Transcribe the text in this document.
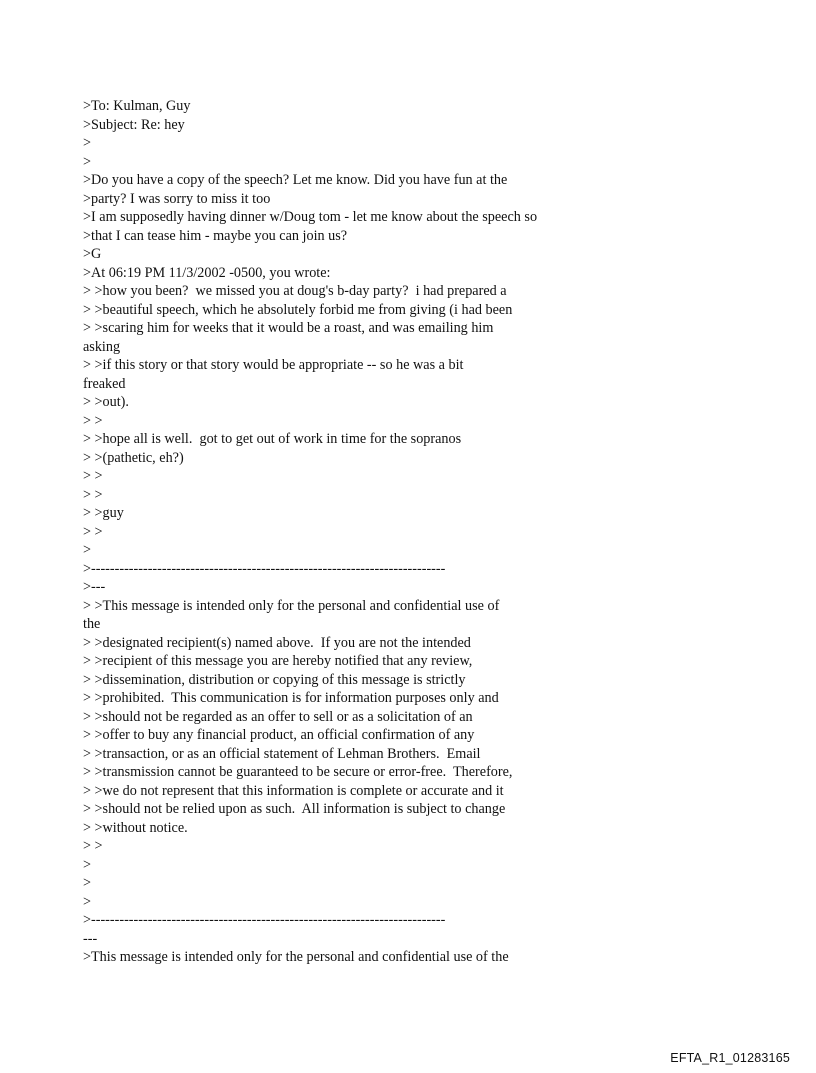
>To: Kulman, Guy
>Subject: Re: hey
>
>
>Do you have a copy of the speech? Let me know. Did you have fun at the
>party? I was sorry to miss it too
>I am supposedly having dinner w/Doug tom - let me know about the speech so
>that I can tease him - maybe you can join us?
>G
>At 06:19 PM 11/3/2002 -0500, you wrote:
> >how you been?  we missed you at doug's b-day party?  i had prepared a
> >beautiful speech, which he absolutely forbid me from giving (i had been
> >scaring him for weeks that it would be a roast, and was emailing him
asking
> >if this story or that story would be appropriate -- so he was a bit
freaked
> >out).
> >
> >hope all is well.  got to get out of work in time for the sopranos
> >(pathetic, eh?)
> >
> >
> >guy
> >
>
>---------------------------------------------------------------------------
>---
> >This message is intended only for the personal and confidential use of
the
> >designated recipient(s) named above.  If you are not the intended
> >recipient of this message you are hereby notified that any review,
> >dissemination, distribution or copying of this message is strictly
> >prohibited.  This communication is for information purposes only and
> >should not be regarded as an offer to sell or as a solicitation of an
> >offer to buy any financial product, an official confirmation of any
> >transaction, or as an official statement of Lehman Brothers.  Email
> >transmission cannot be guaranteed to be secure or error-free.  Therefore,
> >we do not represent that this information is complete or accurate and it
> >should not be relied upon as such.  All information is subject to change
> >without notice.
> >
>
>
>
>---------------------------------------------------------------------------
---
>This message is intended only for the personal and confidential use of the
EFTA_R1_01283165
